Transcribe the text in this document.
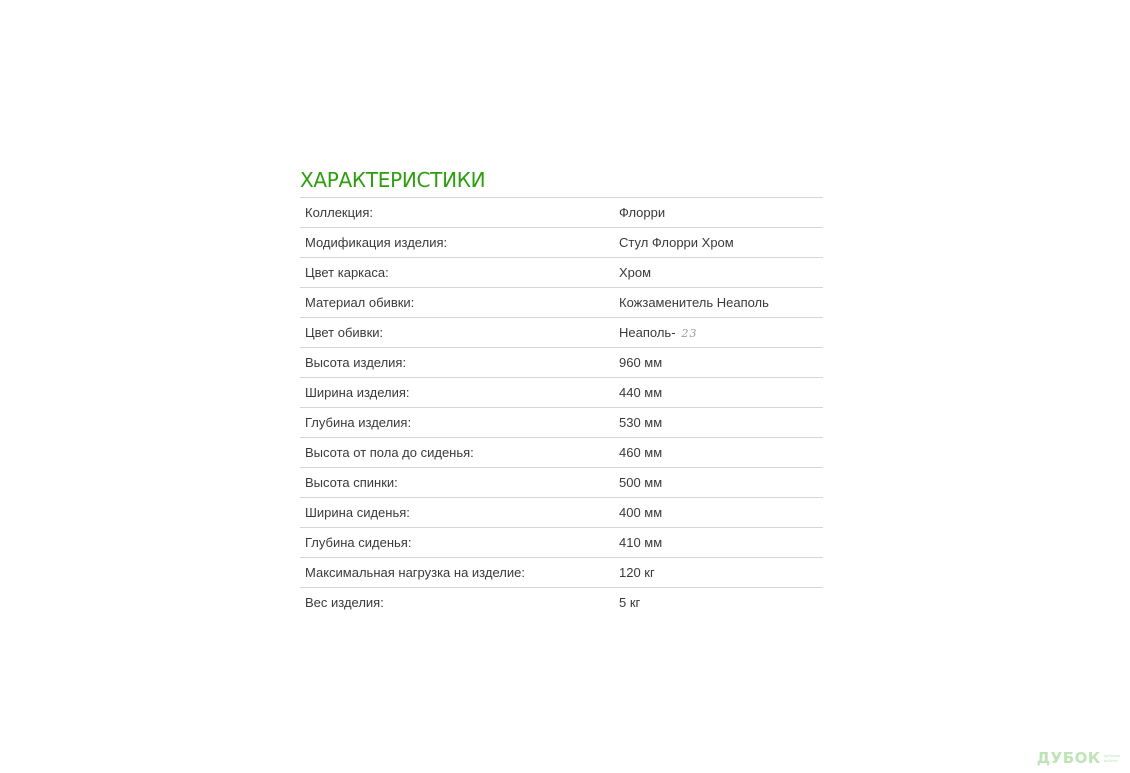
ХАРАКТЕРИСТИКИ
Коллекция:	Флорри
Модификация изделия:	Стул Флорри Хром
Цвет каркаса:	Хром
Материал обивки:	Кожзаменитель Неаполь
Цвет обивки:	Неаполь- 23
Высота изделия:	960 мм
Ширина изделия:	440 мм
Глубина изделия:	530 мм
Высота от пола до сиденья:	460 мм
Высота спинки:	500 мм
Ширина сиденья:	400 мм
Глубина сиденья:	410 мм
Максимальная нагрузка на изделие:	120 кг
Вес изделия:	5 кг
ДУБОК фабрика
мебели
